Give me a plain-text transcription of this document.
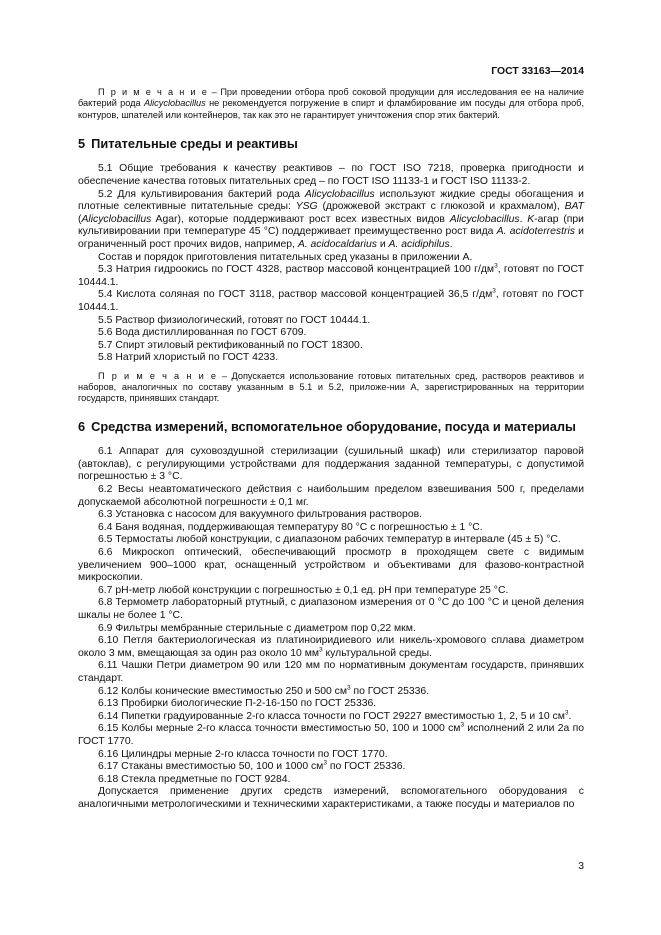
ГОСТ 33163—2014

П р и м е ч а н и е – При проведении отбора проб соковой продукции для исследования ее на наличие бактерий рода Alicyclobacillus не рекомендуется погружение в спирт и фламбирование им посуды для отбора проб, контуров, шпателей или контейнеров, так как это не гарантирует уничтожения спор этих бактерий.

5 Питательные среды и реактивы

5.1 Общие требования к качеству реактивов – по ГОСТ ISO 7218, проверка пригодности и обеспечение качества готовых питательных сред – по ГОСТ ISO 11133-1 и ГОСТ ISO 11133-2.

5.2 Для культивирования бактерий рода Alicyclobacillus используют жидкие среды обогащения и плотные селективные питательные среды: YSG (дрожжевой экстракт с глюкозой и крахмалом), BAT (Alicyclobacillus Agar), которые поддерживают рост всех известных видов Alicyclobacillus. K-агар (при культивировании при температуре 45 °С) поддерживает преимущественно рост вида A. acidoterrestris и ограниченный рост прочих видов, например, A. acidocaldarius и A. acidiphilus.

Состав и порядок приготовления питательных сред указаны в приложении А.

5.3 Натрия гидроокись по ГОСТ 4328, раствор массовой концентрацией 100 $г/дм^3$, готовят по ГОСТ 10444.1.

5.4 Кислота соляная по ГОСТ 3118, раствор массовой концентрацией 36,5 $г/дм^3$, готовят по ГОСТ 10444.1.

5.5 Раствор физиологический, готовят по ГОСТ 10444.1.

5.6 Вода дистиллированная по ГОСТ 6709.

5.7 Спирт этиловый ректификованный по ГОСТ 18300.

5.8 Натрий хлористый по ГОСТ 4233.

П р и м е ч а н и е – Допускается использование готовых питательных сред, растворов реактивов и наборов, аналогичных по составу указанным в 5.1 и 5.2, приложе-нии А, зарегистрированных на территории государств, принявших стандарт.

6 Средства измерений, вспомогательное оборудование, посуда и материалы

6.1 Аппарат для суховоздушной стерилизации (сушильный шкаф) или стерилизатор паровой (автоклав), с регулирующими устройствами для поддержания заданной температуры, с допустимой погрешностью ± 3 °С.

6.2 Весы неавтоматического действия с наибольшим пределом взвешивания 500 г, пределами допускаемой абсолютной погрешности ± 0,1 мг.

6.3 Установка с насосом для вакуумного фильтрования растворов.

6.4 Баня водяная, поддерживающая температуру 80 °С с погрешностью ± 1 °С.

6.5 Термостаты любой конструкции, с диапазоном рабочих температур в интервале (45 ± 5) °С.

6.6 Микроскоп оптический, обеспечивающий просмотр в проходящем свете с видимым увеличением 900–1000 крат, оснащенный устройством и объективами для фазово-контрастной микроскопии.

6.7 рН-метр любой конструкции с погрешностью ± 0,1 ед. рН при температуре 25 °С.

6.8 Термометр лабораторный ртутный, с диапазоном измерения от 0 °С до 100 °С и ценой деления шкалы не более 1 °С.

6.9 Фильтры мембранные стерильные с диаметром пор 0,22 мкм.

6.10 Петля бактериологическая из платиноиридиевого или никель-хромового сплава диаметром около 3 мм, вмещающая за один раз около 10 $мм^3$ культуральной среды.

6.11 Чашки Петри диаметром 90 или 120 мм по нормативным документам государств, принявших стандарт.

6.12 Колбы конические вместимостью 250 и 500 $см^3$ по ГОСТ 25336.

6.13 Пробирки биологические П-2-16-150 по ГОСТ 25336.

6.14 Пипетки градуированные 2-го класса точности по ГОСТ 29227 вместимостью 1, 2, 5 и 10 $см^3$.

6.15 Колбы мерные 2-го класса точности вместимостью 50, 100 и 1000 $см^3$ исполнений 2 или 2а по ГОСТ 1770.

6.16 Цилиндры мерные 2-го класса точности по ГОСТ 1770.

6.17 Стаканы вместимостью 50, 100 и 1000 $см^3$ по ГОСТ 25336.

6.18 Стекла предметные по ГОСТ 9284.

Допускается применение других средств измерений, вспомогательного оборудования с аналогичными метрологическими и техническими характеристиками, а также посуды и материалов по

3
